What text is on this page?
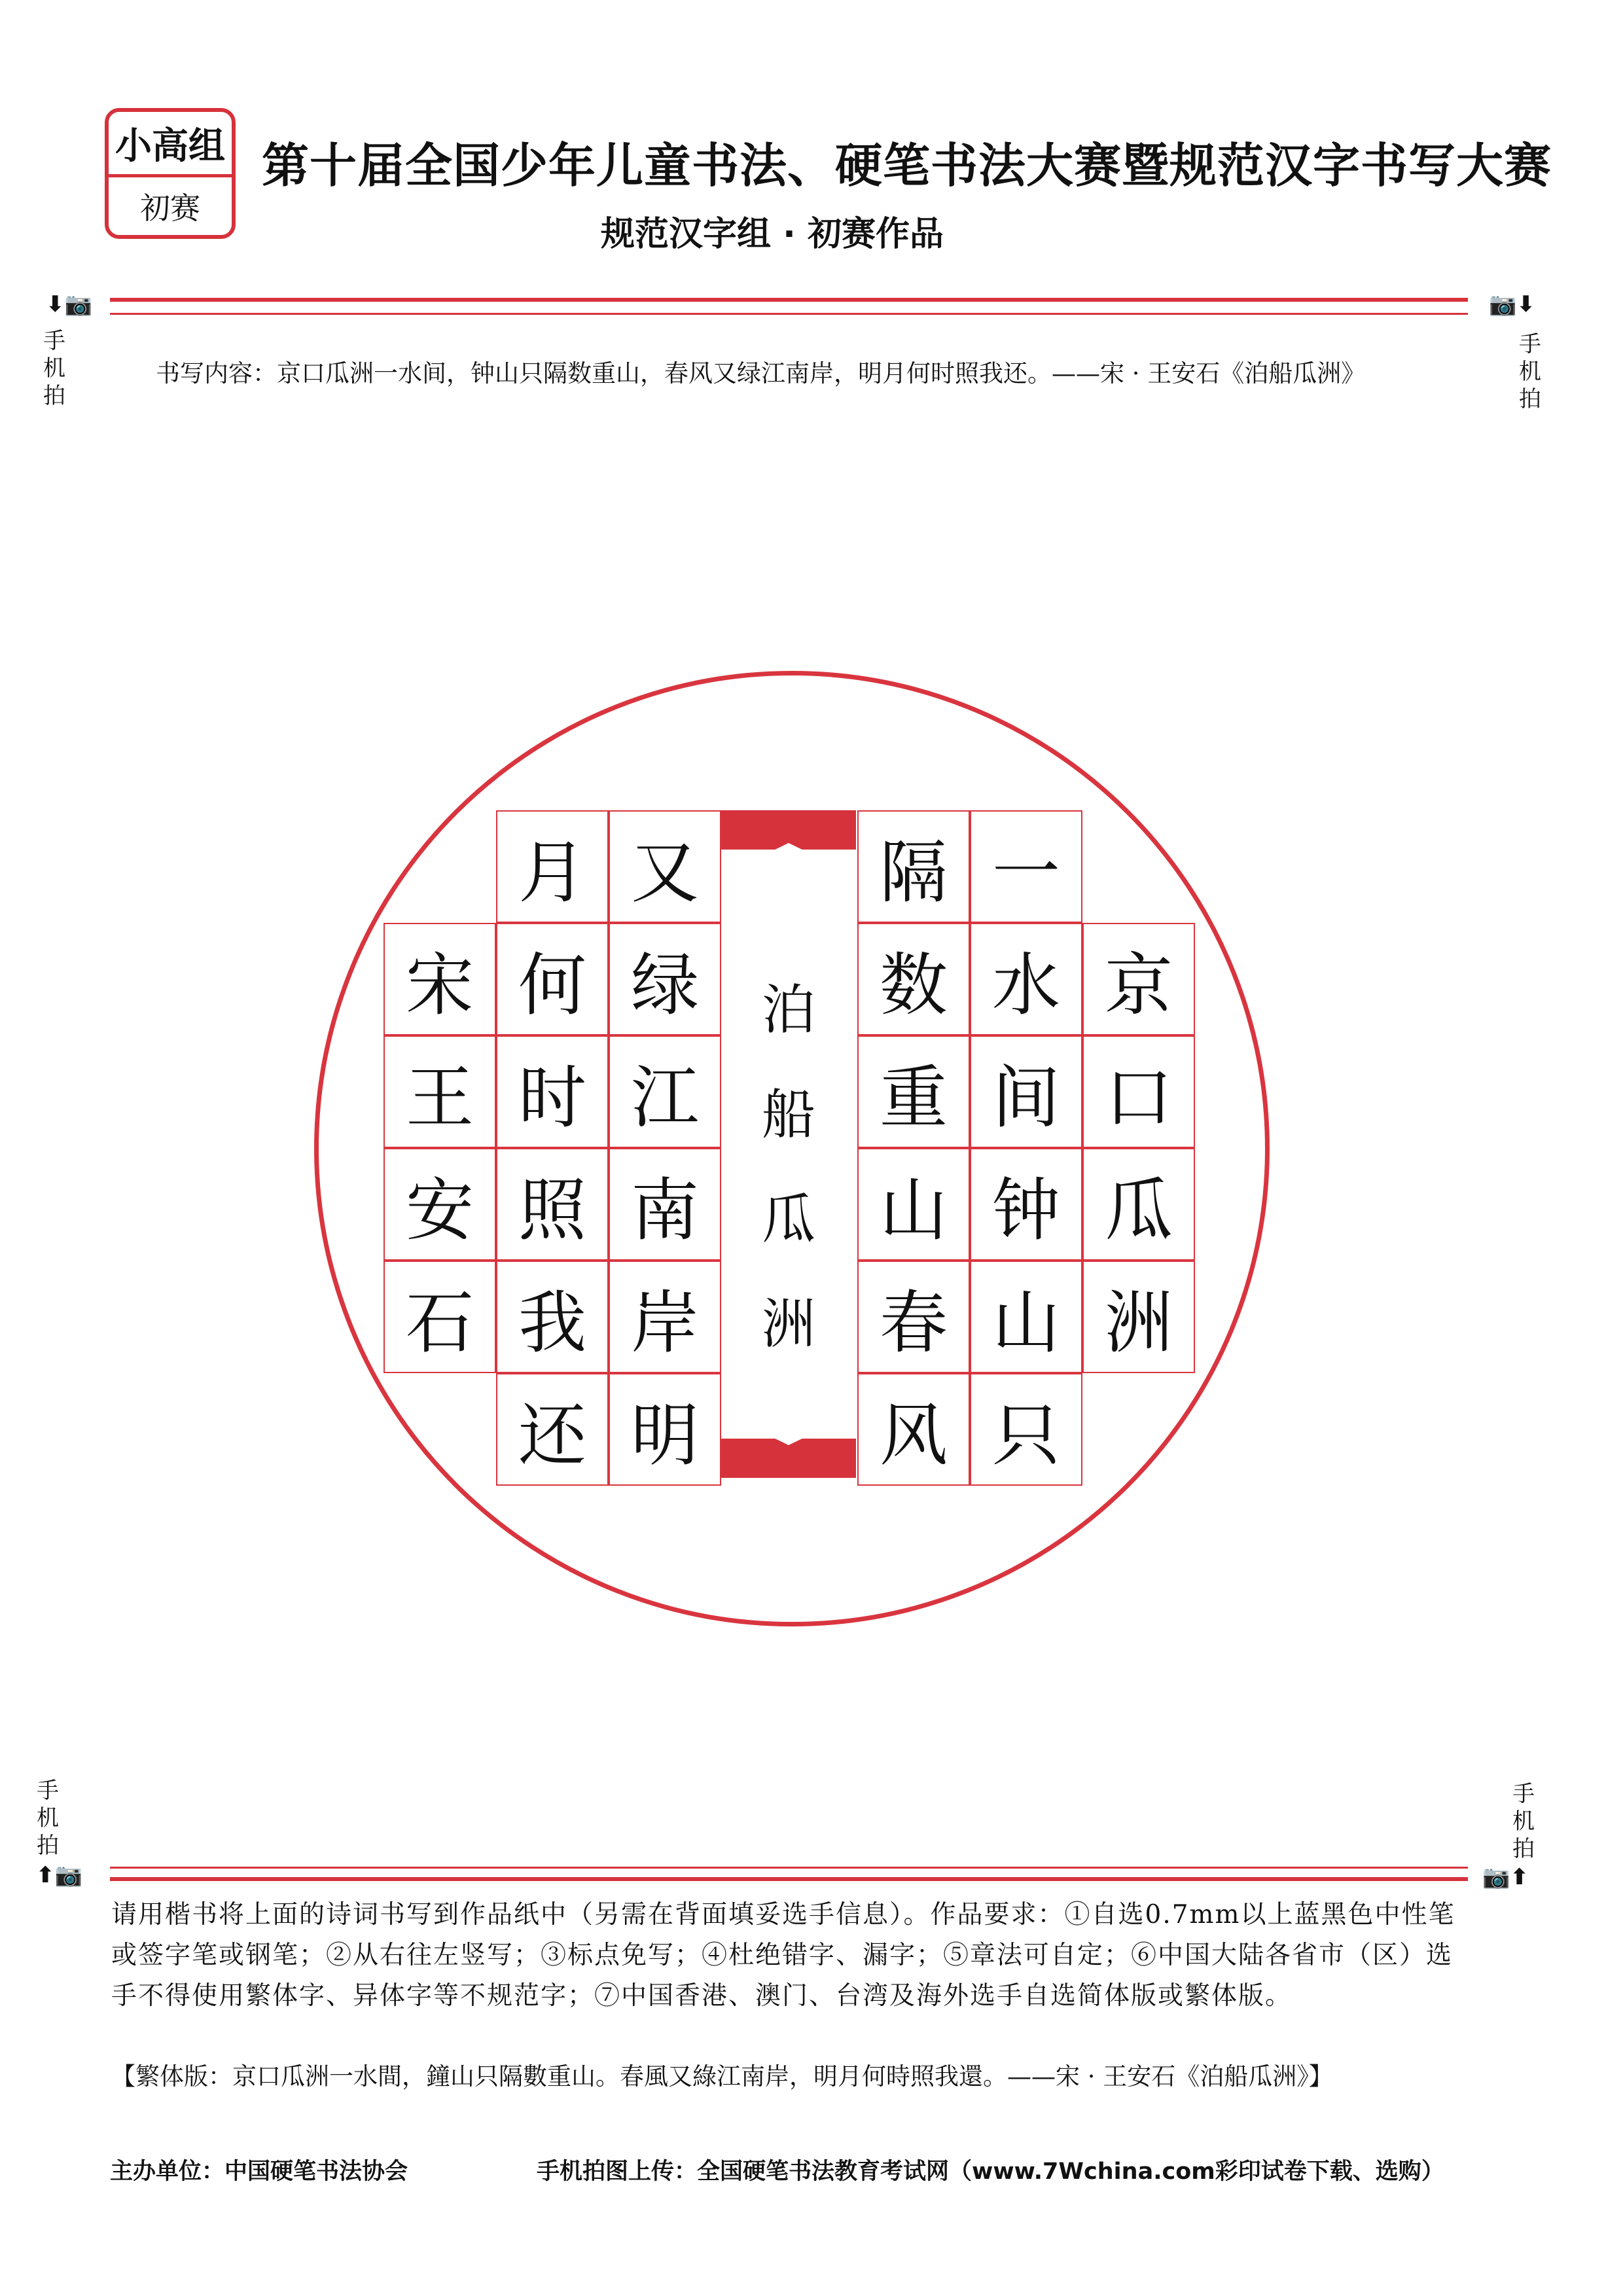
小高组
初赛
第十届全国少年儿童书法、硬笔书法大赛暨规范汉字书写大赛
规范汉字组 · 初赛作品
⬇📷
手
机
拍
📷⬇
手
机
拍
书写内容：京口瓜洲一水间，钟山只隔数重山，春风又绿江南岸，明月何时照我还。——宋 · 王安石《泊船瓜洲》
京
口
瓜
洲
一
水
间
钟
山
只
隔
数
重
山
春
风
泊
船
瓜
洲
又
绿
江
南
岸
明
月
何
时
照
我
还
宋
王
安
石
手
机
拍
⬆📷
手
机
拍
📷⬆
请用楷书将上面的诗词书写到作品纸中（另需在背面填妥选手信息）。作品要求：①自选0.7mm以上蓝黑色中性笔或签字笔或钢笔；②从右往左竖写；③标点免写；④杜绝错字、漏字；⑤章法可自定；⑥中国大陆各省市（区）选手不得使用繁体字、异体字等不规范字；⑦中国香港、澳门、台湾及海外选手自选简体版或繁体版。
【繁体版：京口瓜洲一水間，鐘山只隔數重山。春風又綠江南岸，明月何時照我還。——宋 · 王安石《泊船瓜洲》】
主办单位：中国硬笔书法协会	手机拍图上传：全国硬笔书法教育考试网（www.7Wchina.com彩印试卷下载、选购）
